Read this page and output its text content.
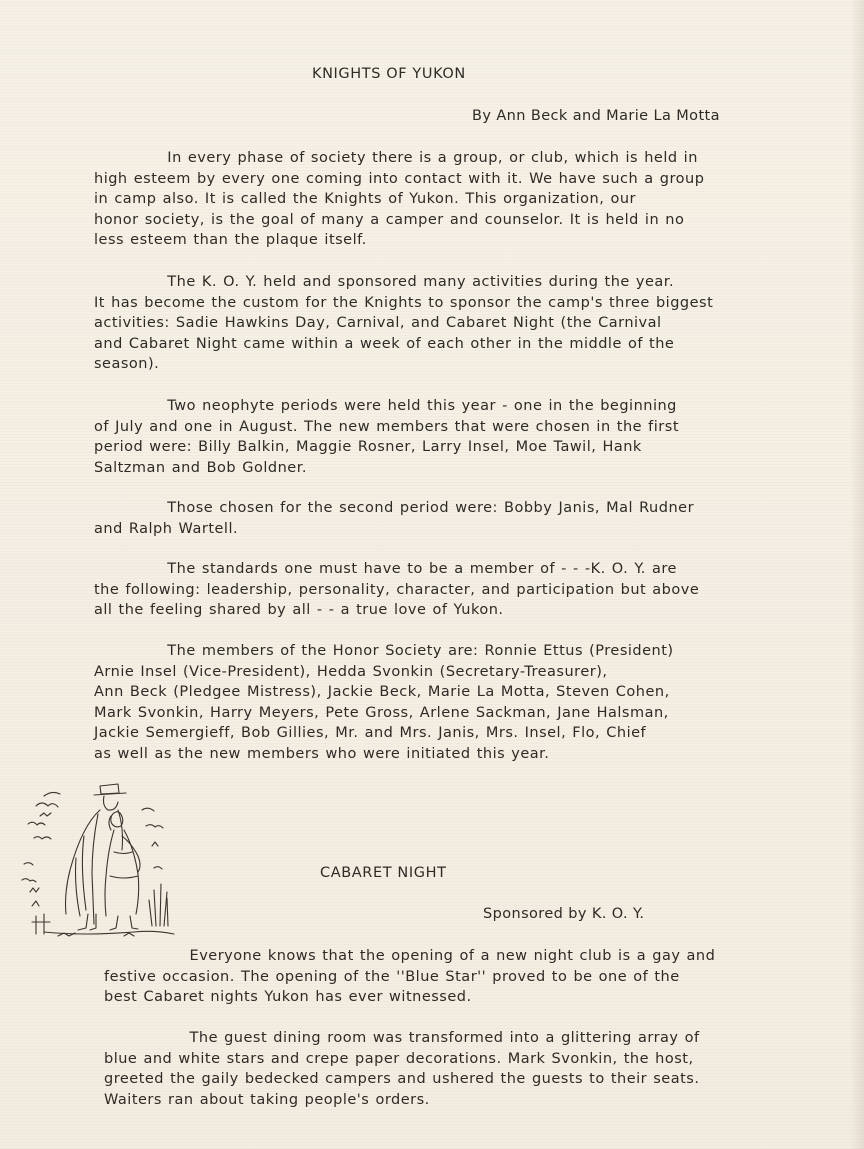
KNIGHTS OF YUKON
By Ann Beck and Marie La Motta

In every phase of society there is a group, or club, which is held in
high esteem by every one coming into contact with it. We have such a group
in camp also. It is called the Knights of Yukon. This organization, our
honor society, is the goal of many a camper and counselor. It is held in no
less esteem than the plaque itself.

The K. O. Y. held and sponsored many activities during the year.
It has become the custom for the Knights to sponsor the camp's three biggest
activities: Sadie Hawkins Day, Carnival, and Cabaret Night (the Carnival
and Cabaret Night came within a week of each other in the middle of the
season).

Two neophyte periods were held this year - one in the beginning
of July and one in August. The new members that were chosen in the first
period were: Billy Balkin, Maggie Rosner, Larry Insel, Moe Tawil, Hank
Saltzman and Bob Goldner.

Those chosen for the second period were: Bobby Janis, Mal Rudner
and Ralph Wartell.

The standards one must have to be a member of - - -K. O. Y. are
the following: leadership, personality, character, and participation but above
all the feeling shared by all - - a true love of Yukon.

The members of the Honor Society are: Ronnie Ettus (President)
Arnie Insel (Vice-President), Hedda Svonkin (Secretary-Treasurer),
Ann Beck (Pledgee Mistress), Jackie Beck, Marie La Motta, Steven Cohen,
Mark Svonkin, Harry Meyers, Pete Gross, Arlene Sackman, Jane Halsman,
Jackie Semergieff, Bob Gillies, Mr. and Mrs. Janis, Mrs. Insel, Flo, Chief
as well as the new members who were initiated this year.

CABARET NIGHT
Sponsored by K. O. Y.

Everyone knows that the opening of a new night club is a gay and
festive occasion. The opening of the ''Blue Star'' proved to be one of the
best Cabaret nights Yukon has ever witnessed.

The guest dining room was transformed into a glittering array of
blue and white stars and crepe paper decorations. Mark Svonkin, the host,
greeted the gaily bedecked campers and ushered the guests to their seats.
Waiters ran about taking people's orders.
